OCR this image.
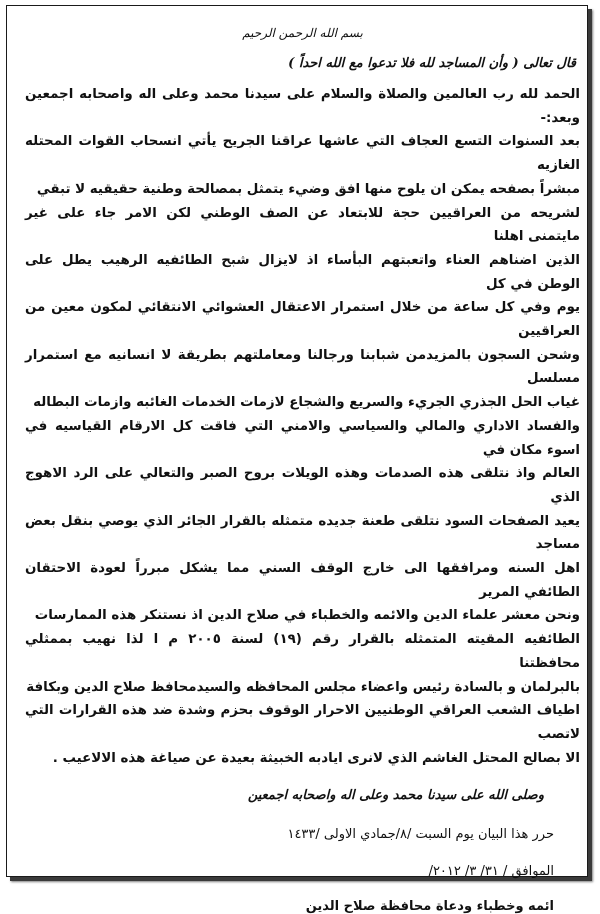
بسم الله الرحمن الرحيم
قال تعالى ( وأن المساجد لله فلا تدعوا مع الله احداً )

الحمد لله رب العالمين والصلاة والسلام على سيدنا محمد وعلى اله واصحابه اجمعين وبعد:-

بعد السنوات التسع العجاف التي عاشها عراقنا الجريح يأتي انسحاب القوات المحتله الغازيه

مبشراً بصفحه يمكن ان يلوح منها افق وضيء يتمثل بمصالحة وطنية حقيقيه لا تبقي

لشريحه من العراقيين حجة للابتعاد عن الصف الوطني لكن الامر جاء على غير مايتمنى اهلنا

الذين اضناهم العناء واتعبتهم البأساء اذ لايزال شبح الطائفيه الرهيب يطل على الوطن في كل

يوم وفي كل ساعة من خلال استمرار الاعتقال العشوائي الانتقائي لمكون معين من العراقيين

وشحن السجون بالمزيدمن شبابنا ورجالنا ومعاملتهم بطريقة لا انسانيه مع استمرار مسلسل

غياب الحل الجذري الجريء والسريع والشجاع لازمات الخدمات الغائبه وازمات البطاله

والفساد الاداري والمالي والسياسي والامني التي فاقت كل الارقام القياسيه في اسوء مكان في

العالم واذ نتلقى هذه الصدمات وهذه الويلات بروح الصبر والتعالي على الرد الاهوج الذي

يعيد الصفحات السود نتلقى طعنة جديده متمثله بالقرار الجائر الذي يوصي بنقل بعض مساجد

اهل السنه ومرافقها الى خارج الوقف السني مما يشكل مبرراً لعودة الاحتقان الطائفي المرير

ونحن معشر علماء الدين والائمه والخطباء في صلاح الدين اذ نستنكر هذه الممارسات

الطائفيه المقيته المتمثله بالقرار رقم (١٩) لسنة ٢٠٠٥ م ا لذا نهيب بممثلي محافظتنا

بالبرلمان و بالسادة رئيس واعضاء مجلس المحافظه والسيدمحافظ صلاح الدين وبكافة

اطياف الشعب العراقي الوطنيين الاحرار الوقوف بحزم وشدة ضد هذه القرارات التي لاتصب

الا بصالح المحتل الغاشم الذي لانرى ايادبه الخبيثة بعيدة عن صياغة هذه الالاعيب .

وصلى الله على سيدنا محمد وعلى اله واصحابه اجمعين
حرر هذا البيان يوم السبت /٨/جمادي الاولى /١٤٣٣
الموافق / ٣١/ ٣/ ٢٠١٢/
ائمه وخطباء ودعاة محافظة صلاح الدين
